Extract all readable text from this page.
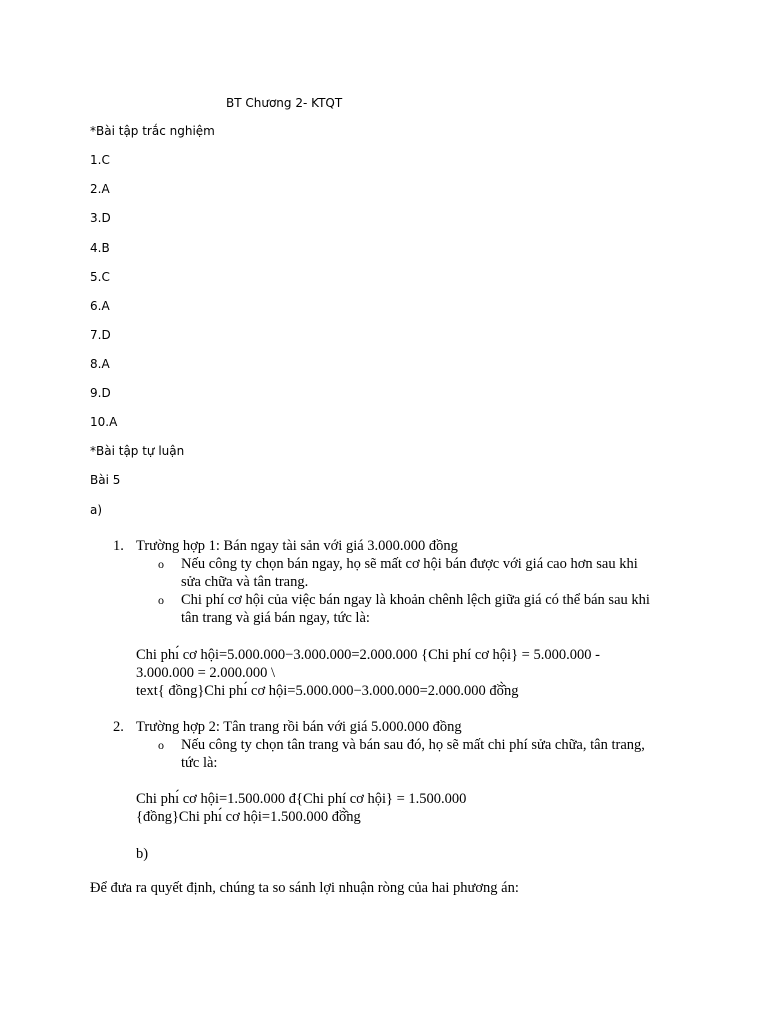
BT Chương 2- KTQT
*Bài tập trắc nghiệm
1.C
2.A
3.D
4.B
5.C
6.A
7.D
8.A
9.D
10.A
*Bài tập tự luận
Bài 5
a)
1. Trường hợp 1: Bán ngay tài sản với giá 3.000.000 đồng
o Nếu công ty chọn bán ngay, họ sẽ mất cơ hội bán được với giá cao hơn sau khi
sửa chữa và tân trang.
o Chi phí cơ hội của việc bán ngay là khoản chênh lệch giữa giá có thể bán sau khi
tân trang và giá bán ngay, tức là:
Chi phı́ cơ hội=5.000.000−3.000.000=2.000.000 {Chi phí cơ hội} = 5.000.000 -
3.000.000 = 2.000.000 \
text{ đồng}Chi phı́ cơ hội=5.000.000−3.000.000=2.000.000 đồ̂̀ng
2. Trường hợp 2: Tân trang rồi bán với giá 5.000.000 đồng
o Nếu công ty chọn tân trang và bán sau đó, họ sẽ mất chi phí sửa chữa, tân trang,
tức là:
Chi phı́ cơ hội=1.500.000 đ{Chi phí cơ hội} = 1.500.000
{đồng}Chi phı́ cơ hội=1.500.000 đồ̂̀ng
b)
Để đưa ra quyết định, chúng ta so sánh lợi nhuận ròng của hai phương án:
